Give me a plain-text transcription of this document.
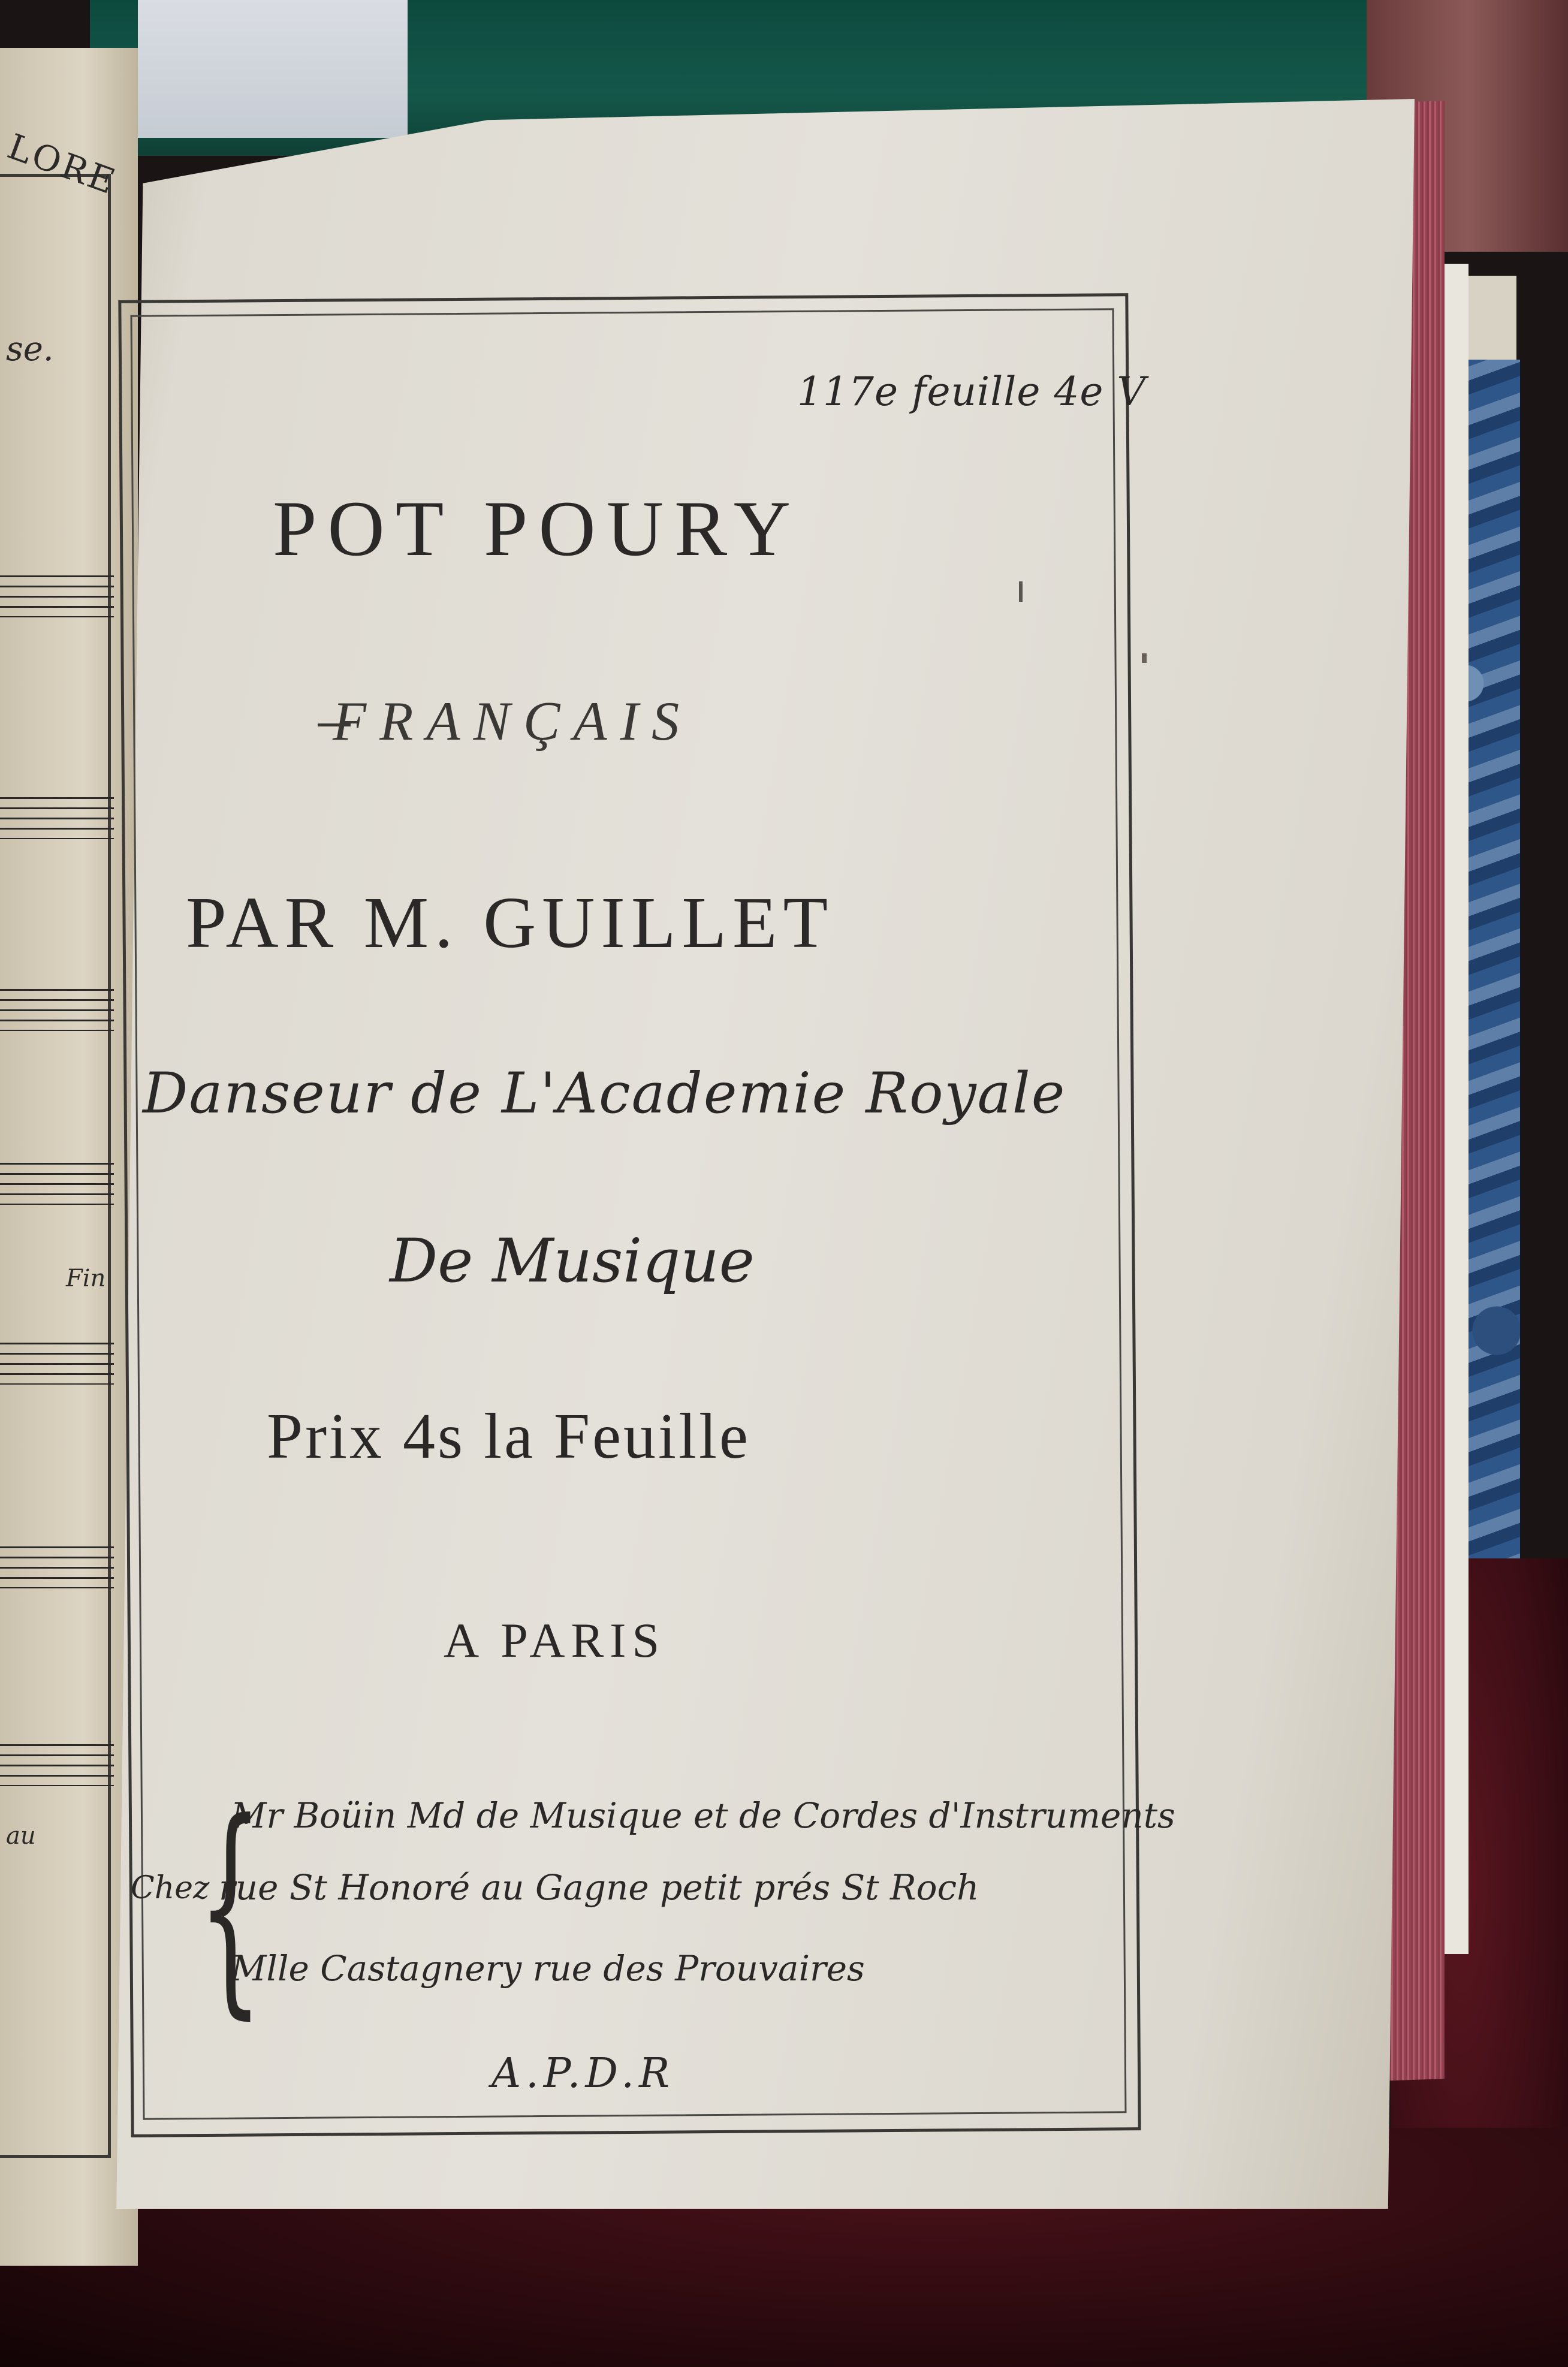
LORE
se.
Fin
au
117e feuille 4e V
POT POURY
FRANÇAIS
PAR M. GUILLET
Danseur de L'Academie Royale
De Musique
Prix 4s la Feuille
A PARIS
Chez
{
Mr Boüin Md de Musique et de Cordes d'Instruments
rue St Honoré au Gagne petit prés St Roch
Mlle Castagnery rue des Prouvaires
A.P.D.R
